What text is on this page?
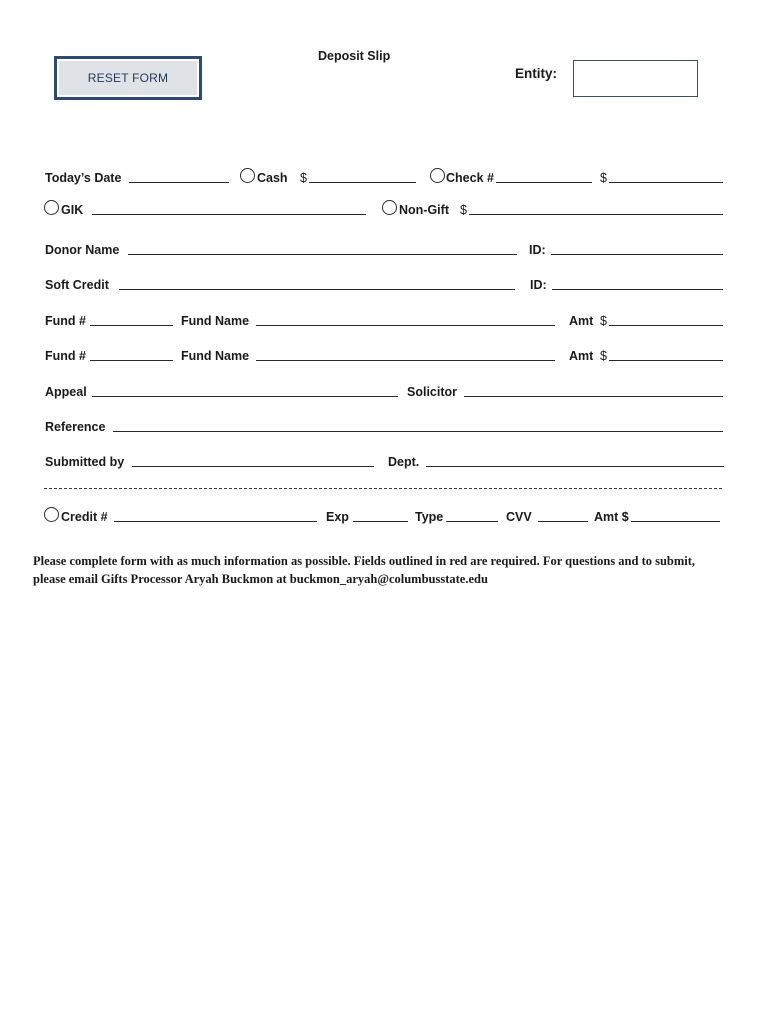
Deposit Slip
RESET FORM	Entity:
Today’s Date	Cash $	Check #	$
GIK	Non-Gift $
Donor Name	ID:
Soft Credit	ID:
Fund #	Fund Name	Amt $
Fund #	Fund Name	Amt $
Appeal	Solicitor
Reference
Submitted by	Dept.
Credit #	Exp	Type	CVV	Amt $
Please complete form with as much information as possible. Fields outlined in red are required. For questions and to submit, please email Gifts Processor Aryah Buckmon at buckmon_aryah@columbusstate.edu
